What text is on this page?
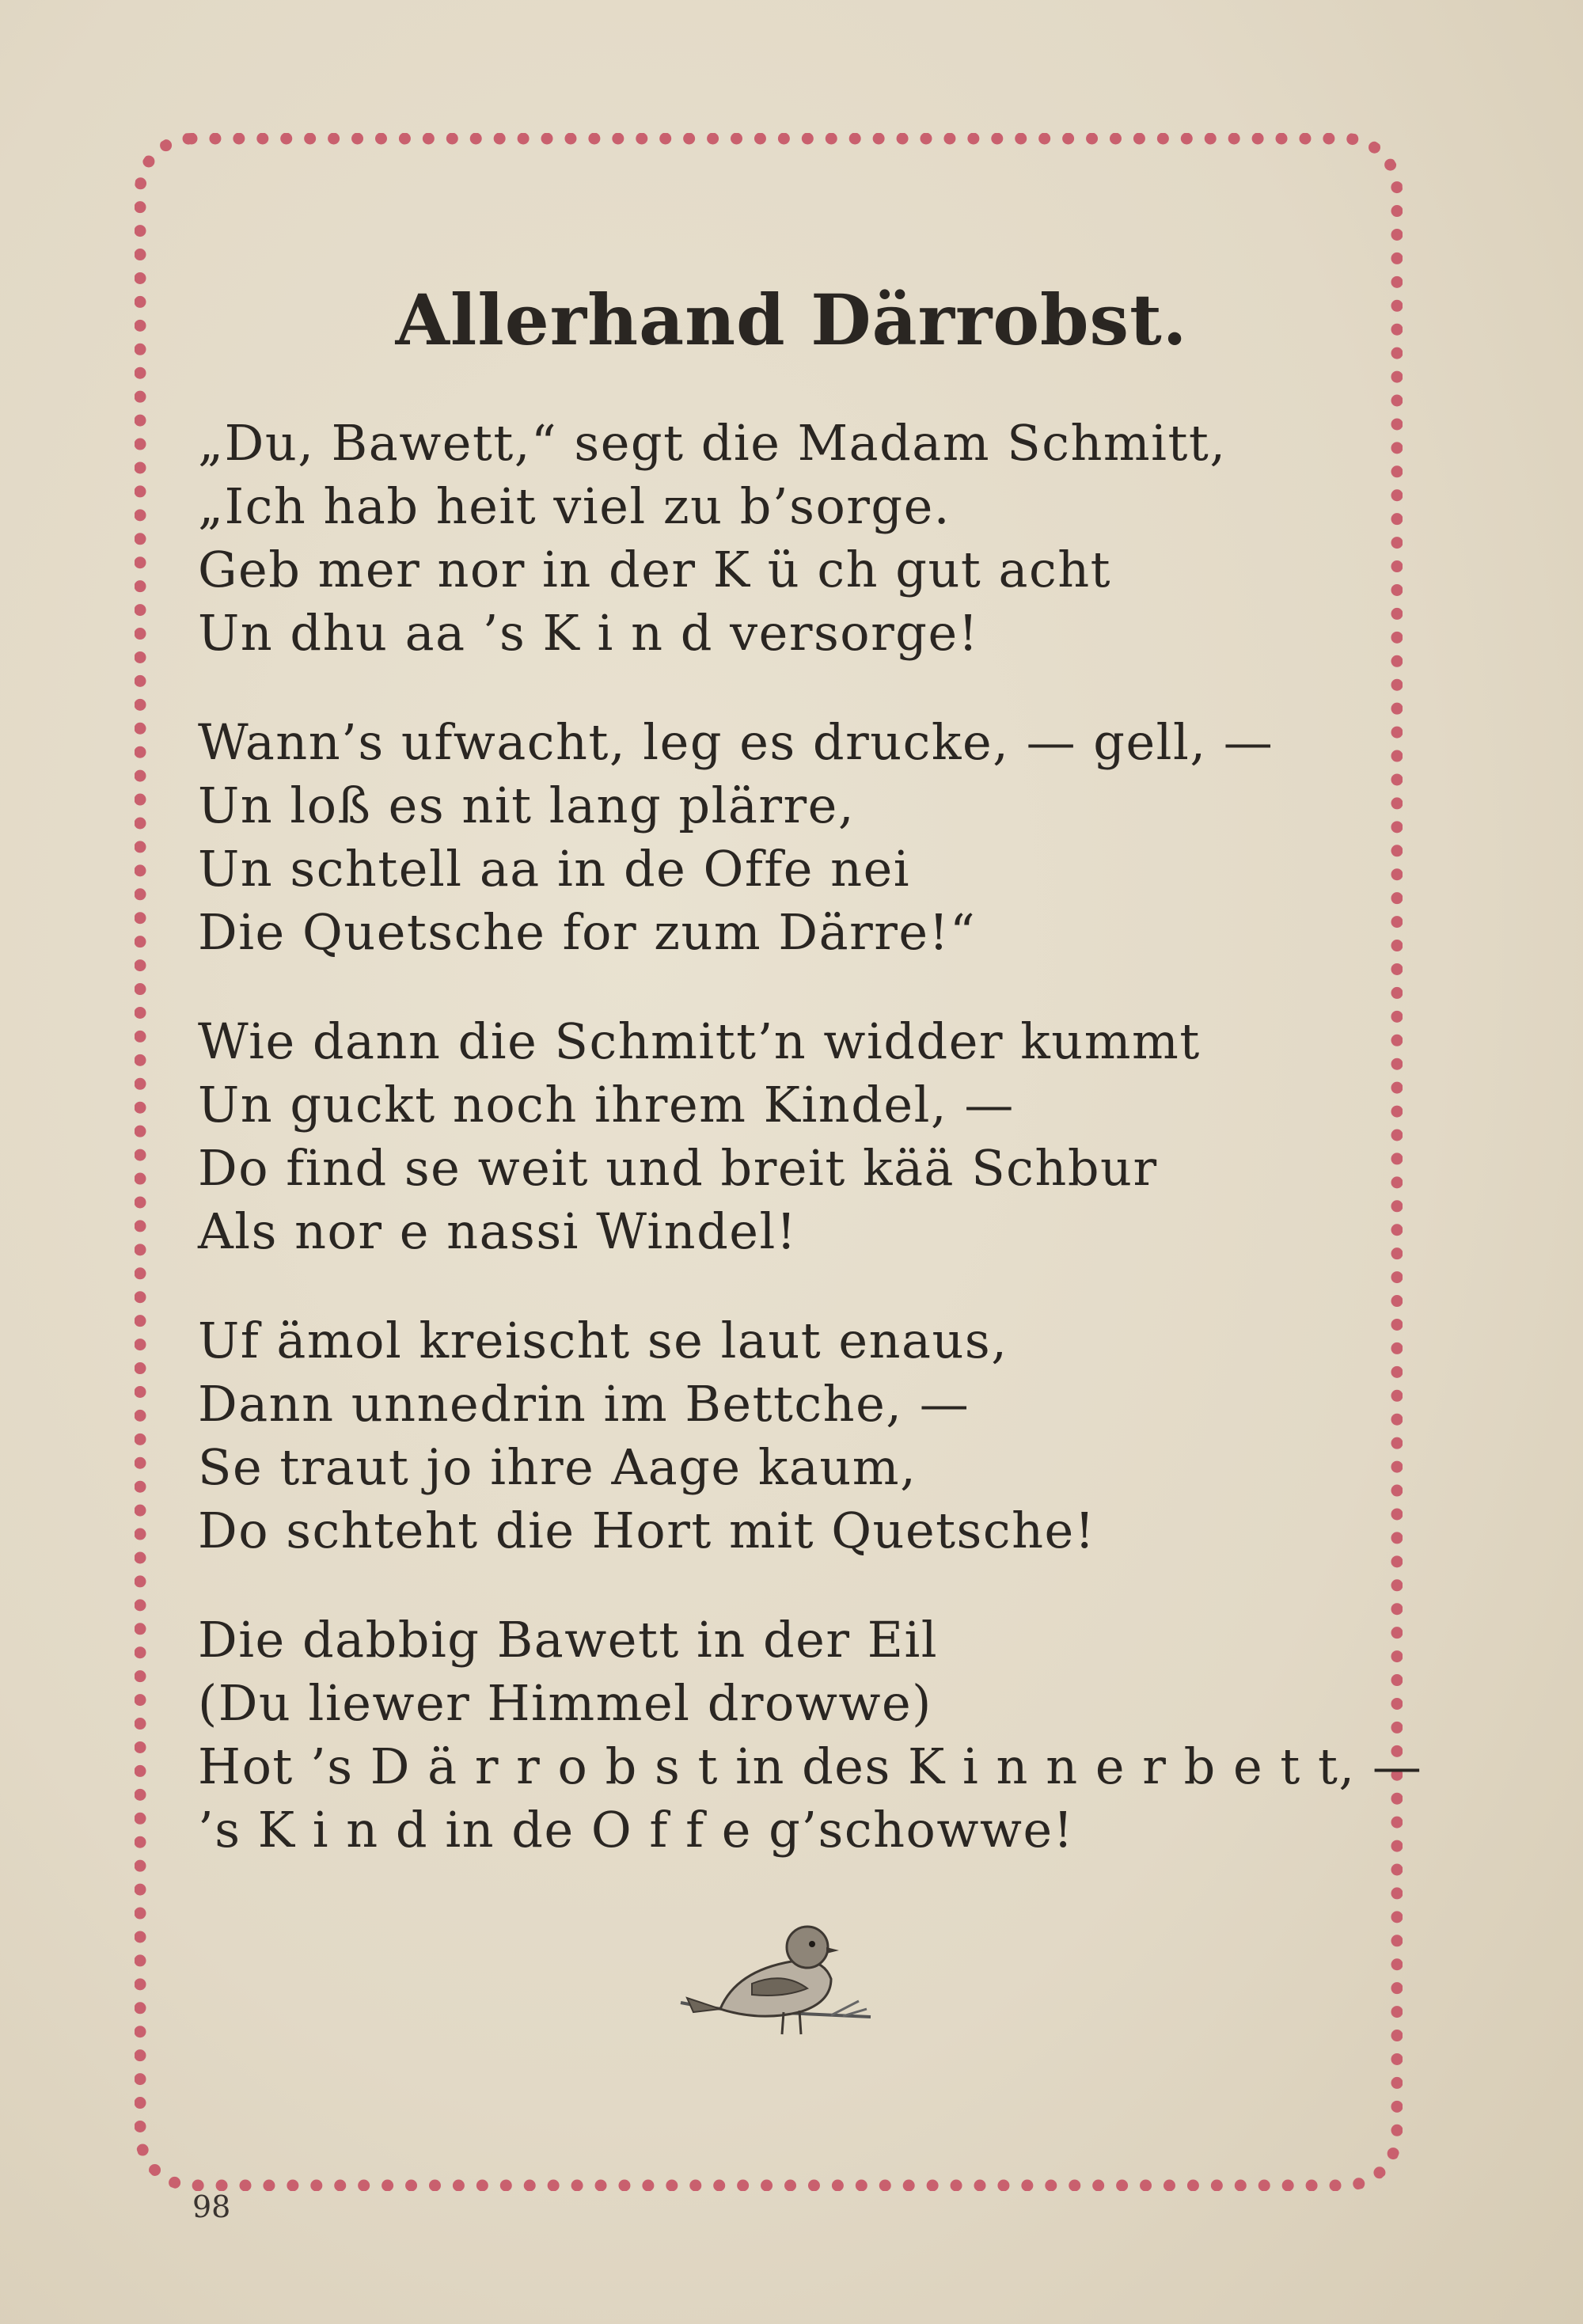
Allerhand Därrobst.
„Du, Bawett,“ segt die Madam Schmitt,
„Ich hab heit viel zu b’sorge.
Geb mer nor in der K ü ch gut acht
Un dhu aa ’s K i n d versorge!
Wann’s ufwacht, leg es drucke, — gell, —
Un loß es nit lang plärre,
Un schtell aa in de Offe nei
Die Quetsche for zum Därre!“
Wie dann die Schmitt’n widder kummt
Un guckt noch ihrem Kindel, —
Do find se weit und breit kää Schbur
Als nor e nassi Windel!
Uf ämol kreischt se laut enaus,
Dann unnedrin im Bettche, —
Se traut jo ihre Aage kaum,
Do schteht die Hort mit Quetsche!
Die dabbig Bawett in der Eil
(Du liewer Himmel drowwe)
Hot ’s D ä r r o b s t in des K i n n e r b e t t, —
’s K i n d in de O f f e g’schowwe!
98
